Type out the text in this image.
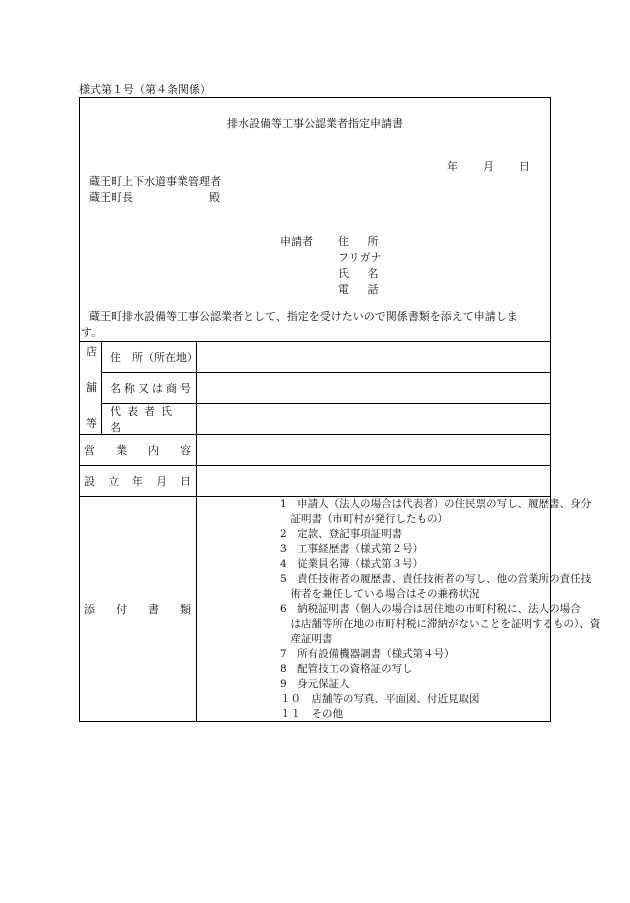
様式第１号（第４条関係）
排水設備等工事公認業者指定申請書
年 月 日
蔵王町上下水道事業管理者
蔵王町長	殿
申請者 住 所
フリガナ
氏 名
電 話
蔵王町排水設備等工事公認業者として、指定を受けたいので関係書類を添えて申請しま
す。
店
舗
等
住　所（所在地）
名称又は商号
代表者氏名
営 業 内 容
設 立 年 月 日
添 付 書 類
1　申請人（法人の場合は代表者）の住民票の写し、履歴書、身分
　証明書（市町村が発行したもの）
2　定款、登記事項証明書
3　工事経歴書（様式第２号）
4　従業員名簿（様式第３号）
5　責任技術者の履歴書、責任技術者の写し、他の営業所の責任技
　術者を兼任している場合はその兼務状況
6　納税証明書（個人の場合は居住地の市町村税に、法人の場合
　は店舗等所在地の市町村税に滞納がないことを証明するもの）、資
　産証明書
7　所有設備機器調書（様式第４号）
8　配管技工の資格証の写し
9　身元保証人
１０　店舗等の写真、平面図、付近見取図
１１　その他
